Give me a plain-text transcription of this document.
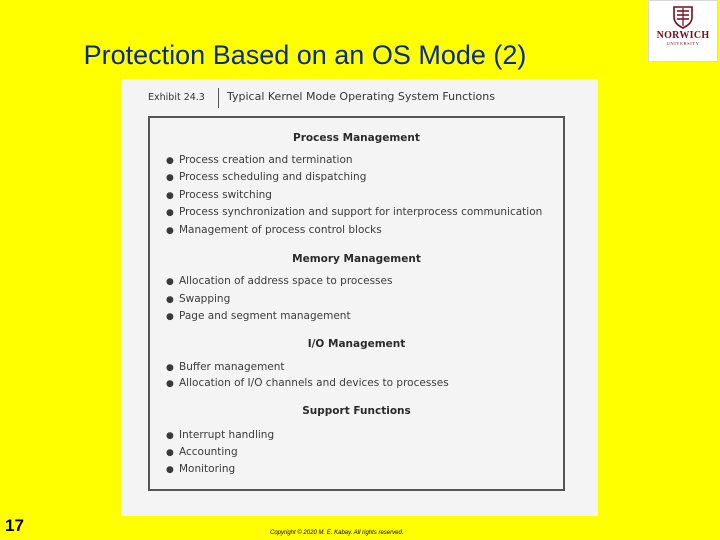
Protection Based on an OS Mode (2)
NORWICH
UNIVERSITY
Exhibit 24.3 Typical Kernel Mode Operating System Functions
Process Management
● Process creation and termination
● Process scheduling and dispatching
● Process switching
● Process synchronization and support for interprocess communication
● Management of process control blocks
Memory Management
● Allocation of address space to processes
● Swapping
● Page and segment management
I/O Management
● Buffer management
● Allocation of I/O channels and devices to processes
Support Functions
● Interrupt handling
● Accounting
● Monitoring
17	Copyright © 2020 M. E. Kabay. All rights reserved.
